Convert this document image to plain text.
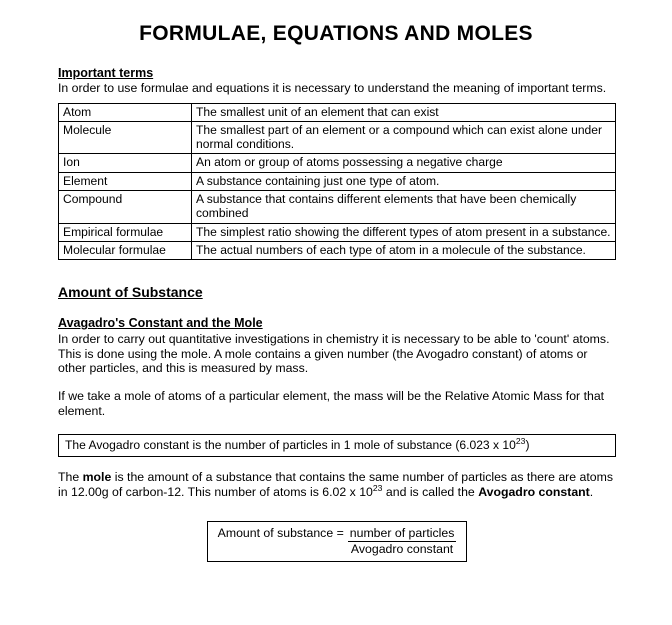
FORMULAE, EQUATIONS AND MOLES
Important terms

In order to use formulae and equations it is necessary to understand the meaning of important terms.

Atom	The smallest unit of an element that can exist
Molecule	The smallest part of an element or a compound which can exist alone under normal conditions.
Ion	An atom or group of atoms possessing a negative charge
Element	A substance containing just one type of atom.
Compound	A substance that contains different elements that have been chemically combined
Empirical formulae	The simplest ratio showing the different types of atom present in a substance.
Molecular formulae	The actual numbers of each type of atom in a molecule of the substance.
Amount of Substance
Avagadro's Constant and the Mole

In order to carry out quantitative investigations in chemistry it is necessary to be able to 'count' atoms. This is done using the mole. A mole contains a given number (the Avogadro constant) of atoms or other particles, and this is measured by mass.

If we take a mole of atoms of a particular element, the mass will be the Relative Atomic Mass for that element.

The Avogadro constant is the number of particles in 1 mole of substance (6.023 x $10^{23}$)

The mole is the amount of a substance that contains the same number of particles as there are atoms in 12.00g of carbon-12. This number of atoms is 6.02 x $10^{23}$ and is called the Avogadro constant.

Amount of substance = $\frac{\text{number of particles}}{\text{Avogadro constant}}$
